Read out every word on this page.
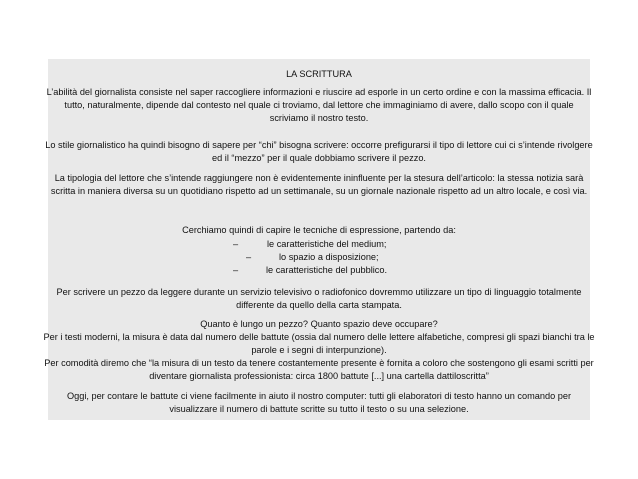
LA SCRITTURA

L’abilità del giornalista consiste nel saper raccogliere informazioni e riuscire ad esporle in un certo ordine e con la massima efficacia. Il tutto, naturalmente, dipende dal contesto nel quale ci troviamo, dal lettore che immaginiamo di avere, dallo scopo con il quale scriviamo il nostro testo.

Lo stile giornalistico ha quindi bisogno di sapere per “chi” bisogna scrivere: occorre prefigurarsi il tipo di lettore cui ci s’intende rivolgere ed il “mezzo” per il quale dobbiamo scrivere il pezzo.

La tipologia del lettore che s’intende raggiungere non è evidentemente ininfluente per la stesura dell’articolo: la stessa notizia sarà scritta in maniera diversa su un quotidiano rispetto ad un settimanale, su un giornale nazionale rispetto ad un altro locale, e così via.

Cerchiamo quindi di capire le tecniche di espressione, partendo da:

–	le caratteristiche del medium;
–	lo spazio a disposizione;
–	le caratteristiche del pubblico.

Per scrivere un pezzo da leggere durante un servizio televisivo o radiofonico dovremmo utilizzare un tipo di linguaggio totalmente differente da quello della carta stampata.

Quanto è lungo un pezzo? Quanto spazio deve occupare?
Per i testi moderni, la misura è data dal numero delle battute (ossia dal numero delle lettere alfabetiche, compresi gli spazi bianchi tra le parole e i segni di interpunzione).
Per comodità diremo che “la misura di un testo da tenere costantemente presente è fornita a coloro che sostengono gli esami scritti per diventare giornalista professionista: circa 1800 battute [...] una cartella dattiloscritta”

Oggi, per contare le battute ci viene facilmente in aiuto il nostro computer: tutti gli elaboratori di testo hanno un comando per visualizzare il numero di battute scritte su tutto il testo o su una selezione.
